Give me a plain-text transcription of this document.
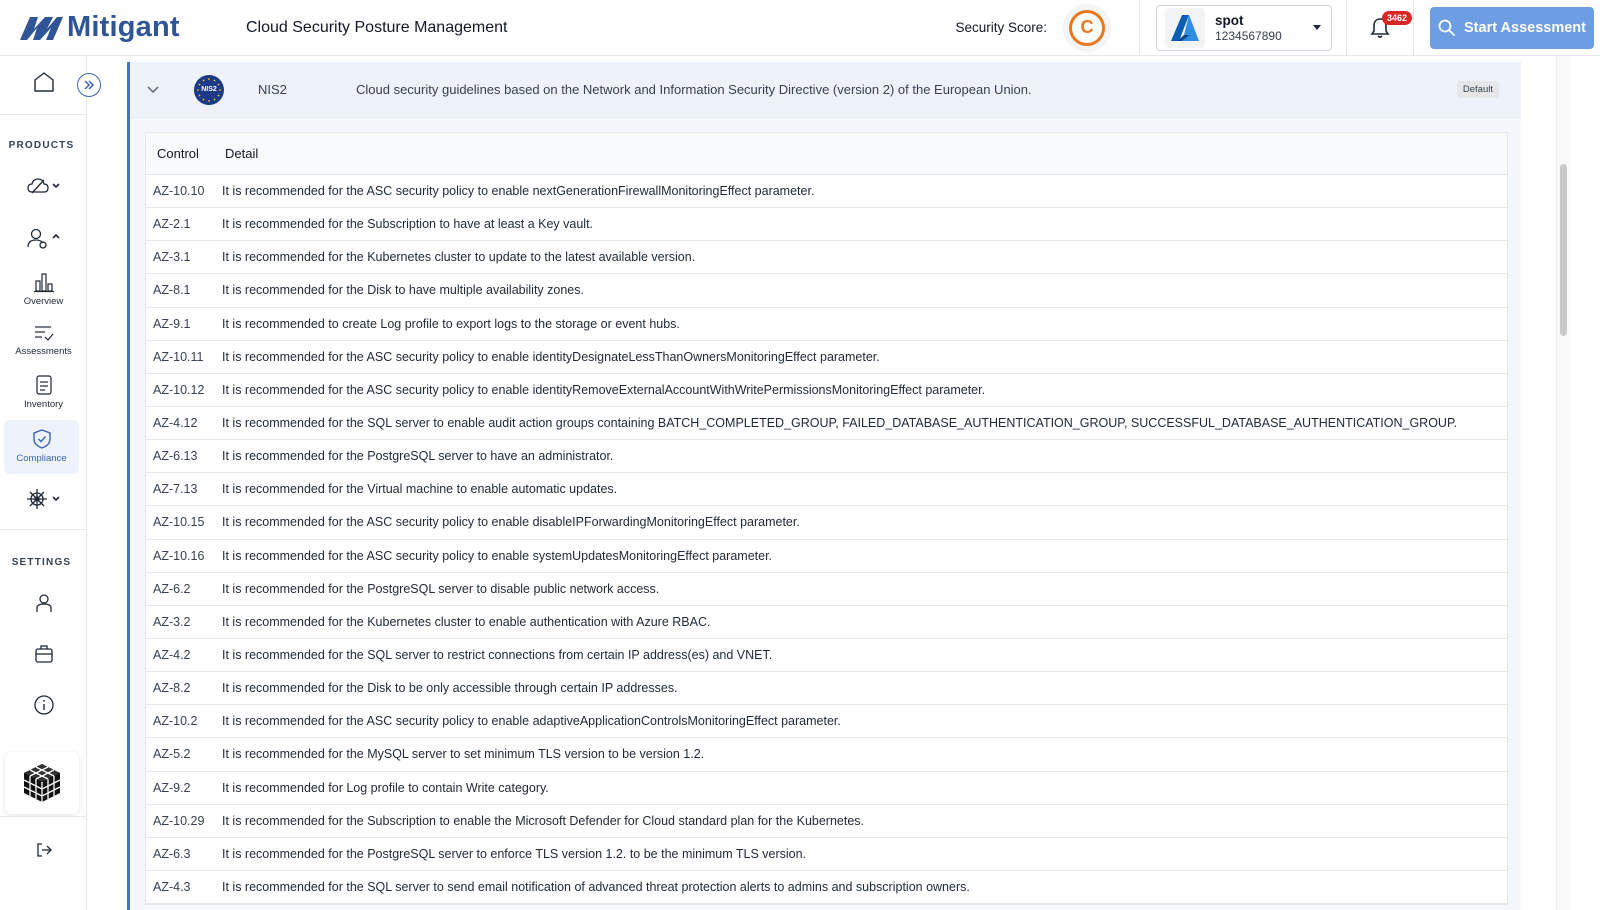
Mitigant	Cloud Security Posture Management	Security Score:	C	spot
1234567890
3462
Start Assessment
PRODUCTS
Overview
Assessments
Inventory
Compliance
SETTINGS
NIS2	NIS2	Cloud security guidelines based on the Network and Information Security Directive (version 2) of the European Union.	Default
Control	Detail
AZ-10.10	It is recommended for the ASC security policy to enable nextGenerationFirewallMonitoringEffect parameter.
AZ-2.1	It is recommended for the Subscription to have at least a Key vault.
AZ-3.1	It is recommended for the Kubernetes cluster to update to the latest available version.
AZ-8.1	It is recommended for the Disk to have multiple availability zones.
AZ-9.1	It is recommended to create Log profile to export logs to the storage or event hubs.
AZ-10.11	It is recommended for the ASC security policy to enable identityDesignateLessThanOwnersMonitoringEffect parameter.
AZ-10.12	It is recommended for the ASC security policy to enable identityRemoveExternalAccountWithWritePermissionsMonitoringEffect parameter.
AZ-4.12	It is recommended for the SQL server to enable audit action groups containing BATCH_COMPLETED_GROUP, FAILED_DATABASE_AUTHENTICATION_GROUP, SUCCESSFUL_DATABASE_AUTHENTICATION_GROUP.
AZ-6.13	It is recommended for the PostgreSQL server to have an administrator.
AZ-7.13	It is recommended for the Virtual machine to enable automatic updates.
AZ-10.15	It is recommended for the ASC security policy to enable disableIPForwardingMonitoringEffect parameter.
AZ-10.16	It is recommended for the ASC security policy to enable systemUpdatesMonitoringEffect parameter.
AZ-6.2	It is recommended for the PostgreSQL server to disable public network access.
AZ-3.2	It is recommended for the Kubernetes cluster to enable authentication with Azure RBAC.
AZ-4.2	It is recommended for the SQL server to restrict connections from certain IP address(es) and VNET.
AZ-8.2	It is recommended for the Disk to be only accessible through certain IP addresses.
AZ-10.2	It is recommended for the ASC security policy to enable adaptiveApplicationControlsMonitoringEffect parameter.
AZ-5.2	It is recommended for the MySQL server to set minimum TLS version to be version 1.2.
AZ-9.2	It is recommended for Log profile to contain Write category.
AZ-10.29	It is recommended for the Subscription to enable the Microsoft Defender for Cloud standard plan for the Kubernetes.
AZ-6.3	It is recommended for the PostgreSQL server to enforce TLS version 1.2. to be the minimum TLS version.
AZ-4.3	It is recommended for the SQL server to send email notification of advanced threat protection alerts to admins and subscription owners.
